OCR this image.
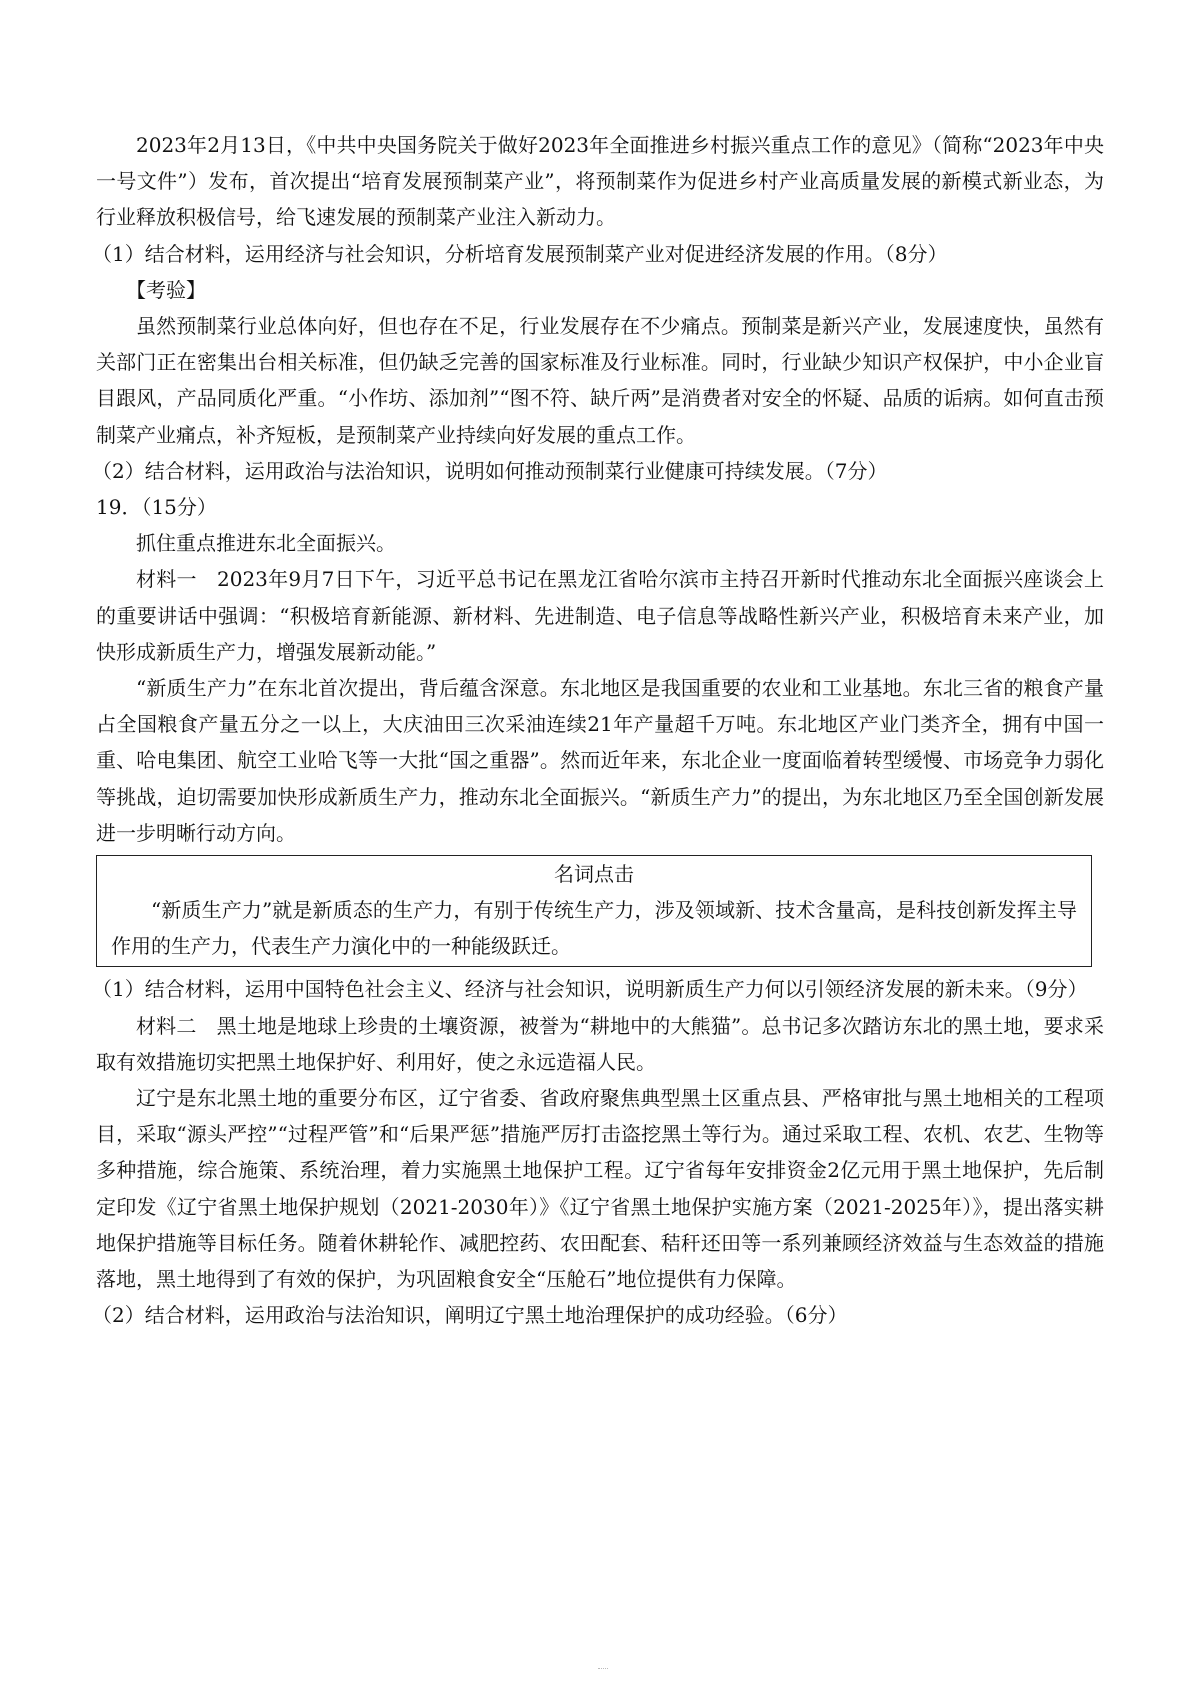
2023年2月13日，《中共中央国务院关于做好2023年全面推进乡村振兴重点工作的意见》（简称“2023年中央一号文件”）发布，首次提出“培育发展预制菜产业”，将预制菜作为促进乡村产业高质量发展的新模式新业态，为行业释放积极信号，给飞速发展的预制菜产业注入新动力。

（1）结合材料，运用经济与社会知识，分析培育发展预制菜产业对促进经济发展的作用。（8分）

【考验】

虽然预制菜行业总体向好，但也存在不足，行业发展存在不少痛点。预制菜是新兴产业，发展速度快，虽然有关部门正在密集出台相关标准，但仍缺乏完善的国家标准及行业标准。同时，行业缺少知识产权保护，中小企业盲目跟风，产品同质化严重。“小作坊、添加剂”“图不符、缺斤两”是消费者对安全的怀疑、品质的诟病。如何直击预制菜产业痛点，补齐短板，是预制菜产业持续向好发展的重点工作。

（2）结合材料，运用政治与法治知识，说明如何推动预制菜行业健康可持续发展。（7分）

19．（15分）

抓住重点推进东北全面振兴。

材料一　2023年9月7日下午，习近平总书记在黑龙江省哈尔滨市主持召开新时代推动东北全面振兴座谈会上的重要讲话中强调：“积极培育新能源、新材料、先进制造、电子信息等战略性新兴产业，积极培育未来产业，加快形成新质生产力，增强发展新动能。”

“新质生产力”在东北首次提出，背后蕴含深意。东北地区是我国重要的农业和工业基地。东北三省的粮食产量占全国粮食产量五分之一以上，大庆油田三次采油连续21年产量超千万吨。东北地区产业门类齐全，拥有中国一重、哈电集团、航空工业哈飞等一大批“国之重器”。然而近年来，东北企业一度面临着转型缓慢、市场竞争力弱化等挑战，迫切需要加快形成新质生产力，推动东北全面振兴。“新质生产力”的提出，为东北地区乃至全国创新发展进一步明晰行动方向。

名词点击

“新质生产力”就是新质态的生产力，有别于传统生产力，涉及领域新、技术含量高，是科技创新发挥主导作用的生产力，代表生产力演化中的一种能级跃迁。

（1）结合材料，运用中国特色社会主义、经济与社会知识，说明新质生产力何以引领经济发展的新未来。（9分）

材料二　黑土地是地球上珍贵的土壤资源，被誉为“耕地中的大熊猫”。总书记多次踏访东北的黑土地，要求采取有效措施切实把黑土地保护好、利用好，使之永远造福人民。

辽宁是东北黑土地的重要分布区，辽宁省委、省政府聚焦典型黑土区重点县、严格审批与黑土地相关的工程项目，采取“源头严控”“过程严管”和“后果严惩”措施严厉打击盗挖黑土等行为。通过采取工程、农机、农艺、生物等多种措施，综合施策、系统治理，着力实施黑土地保护工程。辽宁省每年安排资金2亿元用于黑土地保护，先后制定印发《辽宁省黑土地保护规划（2021-2030年）》《辽宁省黑土地保护实施方案（2021-2025年）》，提出落实耕地保护措施等目标任务。随着休耕轮作、减肥控药、农田配套、秸秆还田等一系列兼顾经济效益与生态效益的措施落地，黑土地得到了有效的保护，为巩固粮食安全“压舱石”地位提供有力保障。

（2）结合材料，运用政治与法治知识，阐明辽宁黑土地治理保护的成功经验。（6分）
